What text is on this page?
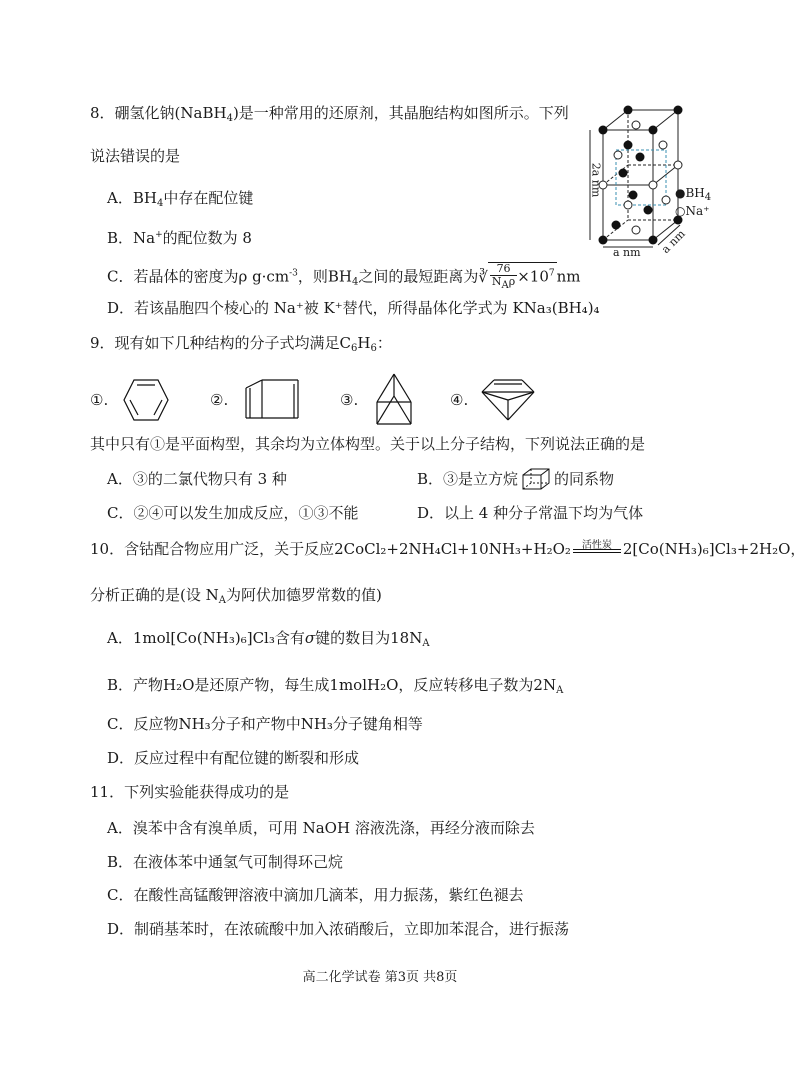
8．硼氢化钠(NaBH$_4$)是一种常用的还原剂，其晶胞结构如图所示。下列
说法错误的是
A．$BH_4$中存在配位键
B．Na+的配位数为 8
C．若晶体的密度为ρ $g\cdot cm^{-3}$，则$BH_4$之间的最短距离为∛ $\frac{76}{\text{NAρ}} \times 10^7$ nm
D．若该晶胞四个棱心的 Na⁺被 K⁺替代，所得晶体化学式为 KNa₃(BH₄)₄
2a nm
a nm a nm
$●BH_4$
○Na⁺
9．现有如下几种结构的分子式均满足$C_6H_6$：
①.	②.	③.	④.
其中只有①是平面构型，其余均为立体构型。关于以上分子结构，下列说法正确的是
A．③的二氯代物只有 3 种	B．③是立方烷 的同系物
C．②④可以发生加成反应，①③不能	D．以上 4 种分子常温下均为气体
10．含钴配合物应用广泛，关于反应2CoCl₂+2NH₄Cl+10NH₃+H₂O₂ 活性炭 2[Co(NH₃)₆]Cl₃+2H₂O，
分析正确的是(设 $N_A$为阿伏加德罗常数的值)
A．1mol[Co(NH₃)₆]Cl₃含有σ键的数目为$18N_A$
B．产物H₂O是还原产物，每生成1molH₂O，反应转移电子数为$2N_A$
C．反应物NH₃分子和产物中NH₃分子键角相等
D．反应过程中有配位键的断裂和形成
11．下列实验能获得成功的是
A．溴苯中含有溴单质，可用 NaOH 溶液洗涤，再经分液而除去
B．在液体苯中通氢气可制得环己烷
C．在酸性高锰酸钾溶液中滴加几滴苯，用力振荡，紫红色褪去
D．制硝基苯时，在浓硫酸中加入浓硝酸后，立即加苯混合，进行振荡
高二化学试卷 第3页 共8页
